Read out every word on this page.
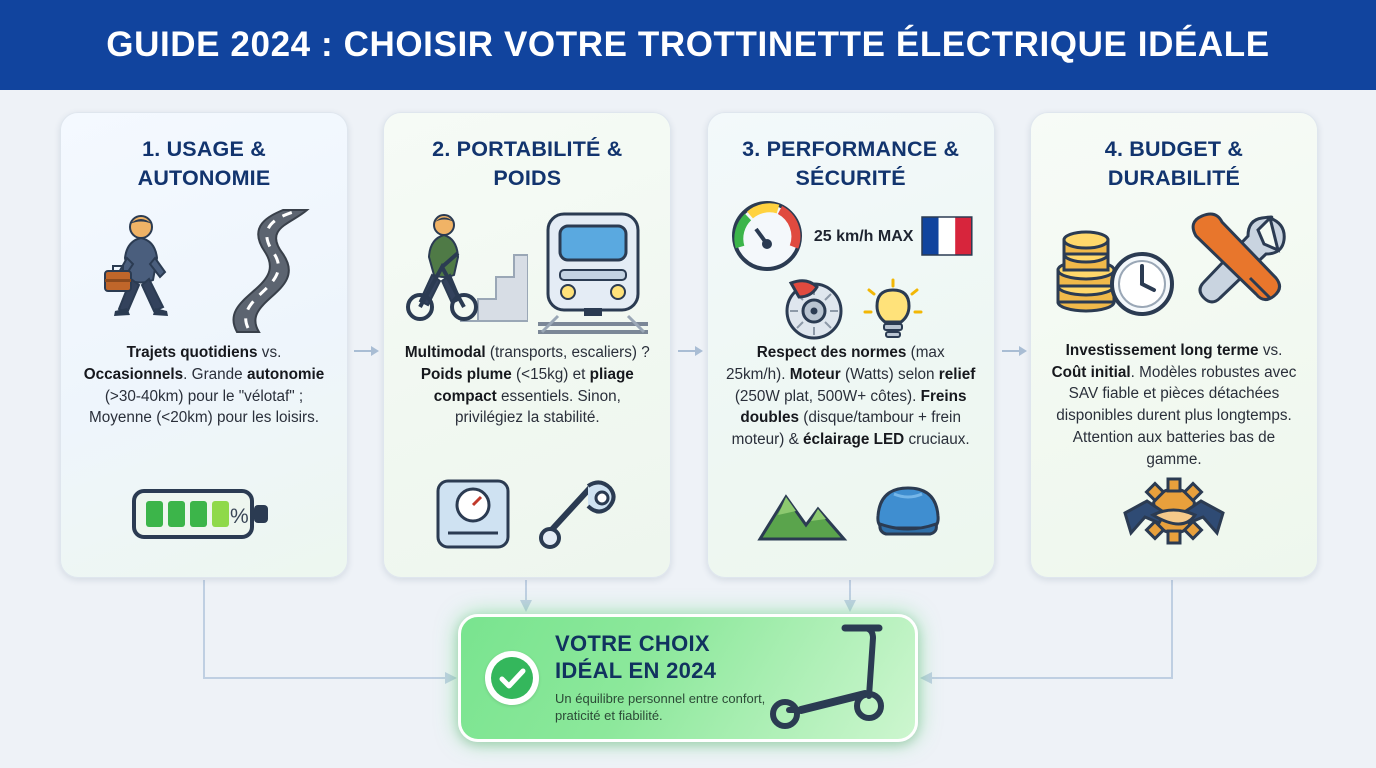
GUIDE 2024 : CHOISIR VOTRE TROTTINETTE ÉLECTRIQUE IDÉALE
1. USAGE & AUTONOMIE
Trajets quotidiens vs. Occasionnels. Grande autonomie (>30-40km) pour le "vélotaf" ; Moyenne (<20km) pour les loisirs.
%
2. PORTABILITÉ & POIDS
Multimodal (transports, escaliers) ? Poids plume (<15kg) et pliage compact essentiels. Sinon, privilégiez la stabilité.
3. PERFORMANCE & SÉCURITÉ
25 km/h MAX
Respect des normes (max 25km/h). Moteur (Watts) selon relief (250W plat, 500W+ côtes). Freins doubles (disque/tambour + frein moteur) & éclairage LED cruciaux.
4. BUDGET & DURABILITÉ
Investissement long terme vs. Coût initial. Modèles robustes avec SAV fiable et pièces détachées disponibles durent plus longtemps. Attention aux batteries bas de gamme.
VOTRE CHOIX IDÉAL EN 2024
Un équilibre personnel entre confort, praticité et fiabilité.
